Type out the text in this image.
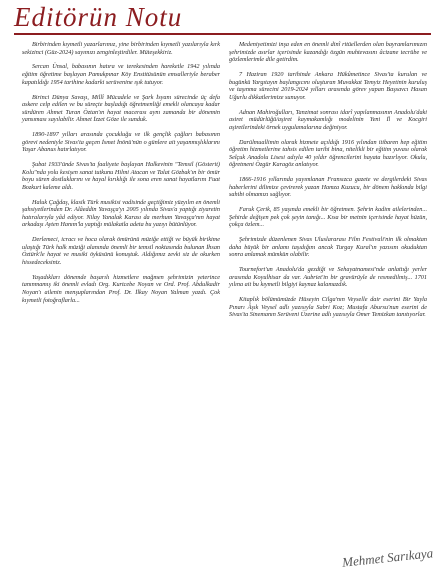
Editörün Notu

Birbirinden kıymetli yazarlarımız, yine birbirinden kıymetli yazılarıyla kırk sekizinci (Güz-2024) sayımızı zenginleştirdiler. Müteşekkiriz.

Sercan Ünsal, babasının hatıra ve terekesinden hareketle 1942 yılında eğitim öğretime başlayan Pamukpınar Köy Enstitüsünün emsalleriyle beraber kapatıldığı 1954 tarihine kadarki serüvenine ışık tutuyor.

Birinci Dünya Savaşı, Millî Mücadele ve Şark İsyanı sürecinde üç defa askere celp edilen ve bu süreçte başladığı öğretmenliği emekli olancaya kadar sürdüren Ahmet Turan Öztan'ın hayat macerası aynı zamanda bir dönemin yansıması sayılabilir. Ahmet İzzet Göze ile sunduk.

1890-1897 yılları arasında çocukluğu ve ilk gençlik çağları babasının görevi nedeniyle Sivas'ta geçen İsmet İnönü'nün o günlere ait yaşanmışlıklarını Yaşar Abanus hatırlatıyor.

Şubat 1933'ünde Sivas'ta faaliyete başlayan Halkevinin "Temsil (Gösterit) Kolu"nda yolu kesişen sanat tutkunu Hilmi Atacan ve Talat Gözbak'ın bir ömür boyu süren dostluklarını ve hayal kırıklığı ile sona eren sanat hayatlarını Fuat Bozkurt kaleme aldı.

Haluk Çağdaş, klasik Türk musikisi vadisinde geçtiğimiz yüzyılın en önemli şahsiyetlerinden Dr. Alâeddin Yavaşça'yı 2005 yılında Sivas'a yaptığı ziyaretin hatıralarıyla yâd ediyor. Nilay Yanalak Karası da merhum Yavaşça'nın hayat arkadaşı Ayten Hanım'la yaptığı mülakatla adeta bu yazıyı bütünlüyor.

Derlemeci, icracı ve hoca olarak ömürünü müziğe ettiği ve büyük birikime ulaştığı Türk halk müziği alanında önemli bir temsil noktasında bulunan İhsan Öztürk'le hayat ve musiki öyküsünü konuştuk. Aldığımız zevki siz de okurken hissedeceksiniz.

Yaşadıkları dönemde başarılı hizmetlere mağmen şehrimizin yeterince tanınmamış iki önemli evladı Org. Kurtcebe Noyan ve Ord. Prof. Abdulkadir Noyan'ı ailenin menşuplarından Prof. Dr. İlkay Noyan Yalman yazdı. Çok kıymetli fotoğraflarla...

Medeniyetimizi inşa eden en önemli dinî ritüellerden olan bayramlarımızın şehrimizde asırlar içerisinde kazandığı özgün muhtevasını âcizane tecrübe ve gözlemlerimle dile getirdim.

7 Haziran 1920 tarihinde Ankara Hükûmetince Sivas'ta kurulan ve bugünkü Yargıtayın başlangıcını oluşturan Muvakkat Temyiz Heyetinin kuruluş ve taşınma sürecini 2019-2024 yılları arasında görev yapan Başsavcı Hasan Uğurlu dikkatlerimize sunuyor.

Adnan Mahiroğulları, Tanzimat sonrası idarî yapılanmasının Anadolu'daki asiret müdürlüğü/aşiret kaymakamlığı modelinin Yeni İl ve Kocgiri aşiretlerindeki örnek uygulamalarına değiniyor.

Darülmuallimin olarak hizmete açıldığı 1916 yılından itibaren hep eğitim öğretim hizmetlerine tahsis edilen tarihi bina, nitelikli bir eğitim yuvası olarak Selçuk Anadolu Lisesi adıyla 40 yıldır öğrencilerini hayata hazırlıyor. Okulu, öğretmeni Özgür Karagöz anlatıyor.

1866-1916 yıllarında yayımlanan Fransızca gazete ve dergilerdeki Sivas haberlerini dilimize çevirerek yazan Hamza Kuzucu, bir dönem hakkında bilgi sahibi olmamızı sağlıyor.

Faruk Çerik, 85 yaşında emekli bir öğretmen. Şehrin kadim ailelerinden... Şehirde değişen pek çok şeyin tanığı... Kısa bir metnin içerisinde hayat hüzün, çokça özlem...

Şehrimizde düzenlenen Sivas Uluslararası Film Festivali'nin ilk olmaktan daha büyük bir anlamı taşıdığını ancak Turgay Kural'ın yazısını okuduktan sonra anlamak mümkün olabilir.

Tournefort'un Anadolu'da gezdiği ve Sehayatnamesi'nde anlattığı yerler arasında Koyulhisar da var. Aubriet'in bir gravürüyle de resmedilmiş... 1701 yılına ait bu kıymetli bilgiyi kaynaz kalamazdık.

Kitaplık bölümümüzde Hüseyin Cilga'nın Veyselle dair eserini Bir Yayla Pınarı Âşık Veysel adlı yazısıyla Sabri Koz; Mustafa Abursu'nun eserini de Sivas'ta Sinemanın Serüveni Üzerine adlı yazısıyla Ömer Temizkan tanıtıyorlar.

Mehmet Sarıkaya
